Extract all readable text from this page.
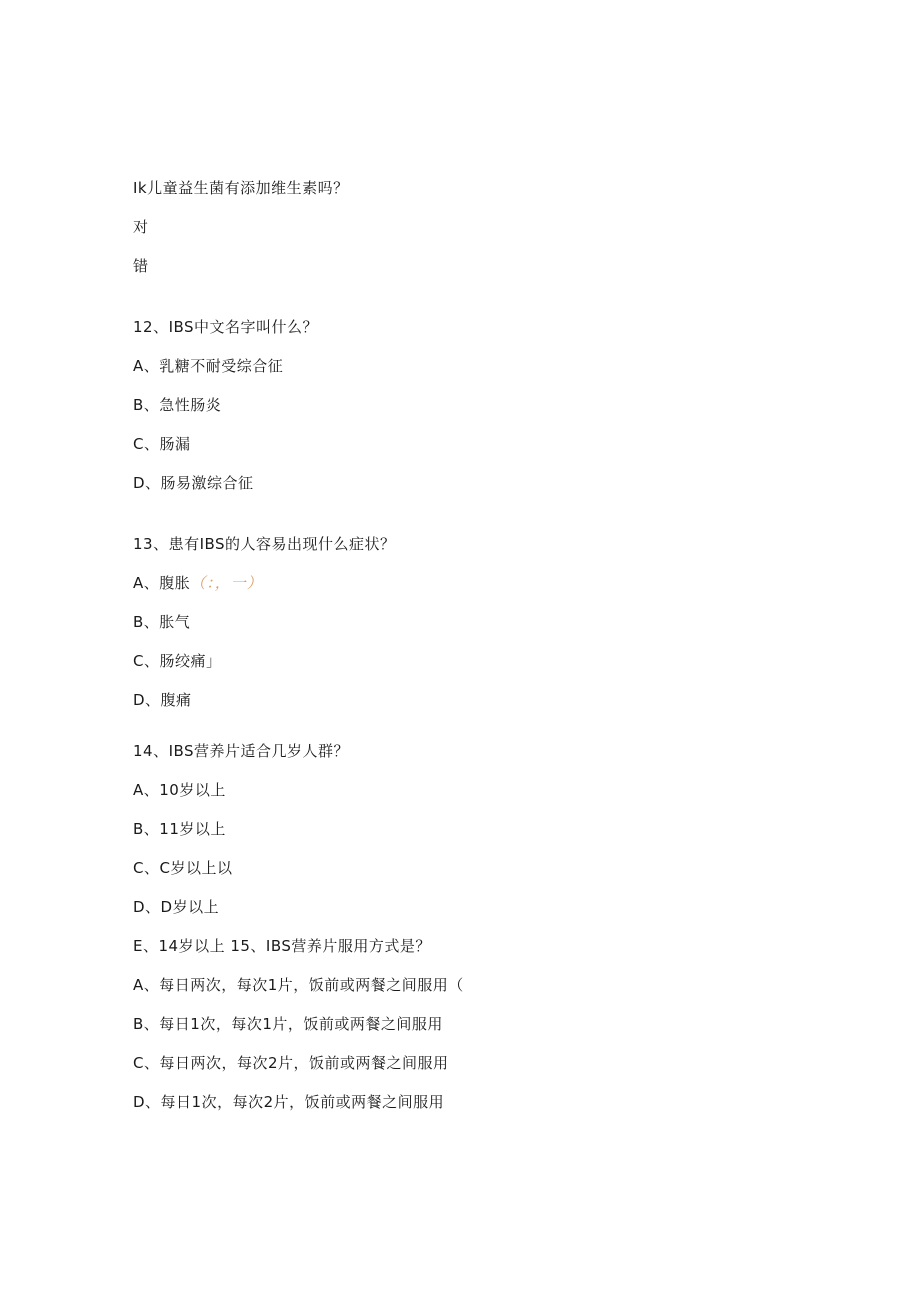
Ik儿童益生菌有添加维生素吗？
对
错
12、IBS中文名字叫什么？
A、乳糖不耐受综合征
B、急性肠炎
C、肠漏
D、肠易激综合征
13、患有IBS的人容易出现什么症状？
A、腹胀（：，一）
B、胀气
C、肠绞痛」
D、腹痛
14、IBS营养片适合几岁人群？
A、10岁以上
B、11岁以上
C、C岁以上以
D、D岁以上
E、14岁以上 15、IBS营养片服用方式是？
A、每日两次，每次1片，饭前或两餐之间服用（
B、每日1次，每次1片，饭前或两餐之间服用
C、每日两次，每次2片，饭前或两餐之间服用
D、每日1次，每次2片，饭前或两餐之间服用
